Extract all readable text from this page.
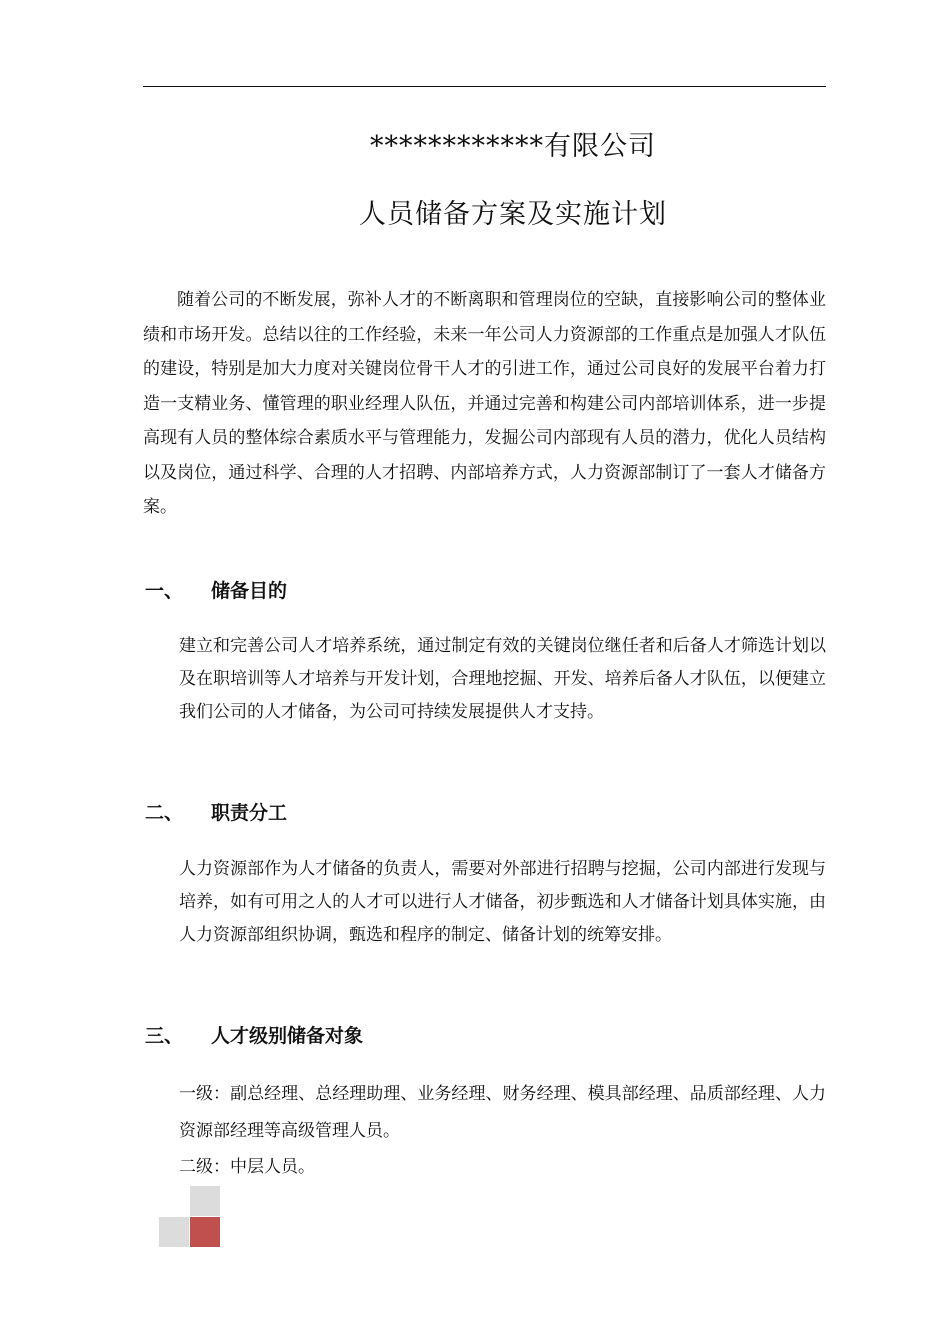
************有限公司
人员储备方案及实施计划
随着公司的不断发展，弥补人才的不断离职和管理岗位的空缺，直接影响公司的整体业绩和市场开发。总结以往的工作经验，未来一年公司人力资源部的工作重点是加强人才队伍的建设，特别是加大力度对关键岗位骨干人才的引进工作，通过公司良好的发展平台着力打造一支精业务、懂管理的职业经理人队伍，并通过完善和构建公司内部培训体系，进一步提高现有人员的整体综合素质水平与管理能力，发掘公司内部现有人员的潜力，优化人员结构以及岗位，通过科学、合理的人才招聘、内部培养方式，人力资源部制订了一套人才储备方案。
一、 储备目的
建立和完善公司人才培养系统，通过制定有效的关键岗位继任者和后备人才筛选计划以及在职培训等人才培养与开发计划，合理地挖掘、开发、培养后备人才队伍，以便建立我们公司的人才储备，为公司可持续发展提供人才支持。
二、 职责分工
人力资源部作为人才储备的负责人，需要对外部进行招聘与挖掘，公司内部进行发现与培养，如有可用之人的人才可以进行人才储备，初步甄选和人才储备计划具体实施，由人力资源部组织协调，甄选和程序的制定、储备计划的统筹安排。
三、 人才级别储备对象
一级：副总经理、总经理助理、业务经理、财务经理、模具部经理、品质部经理、人力资源部经理等高级管理人员。
二级：中层人员。
